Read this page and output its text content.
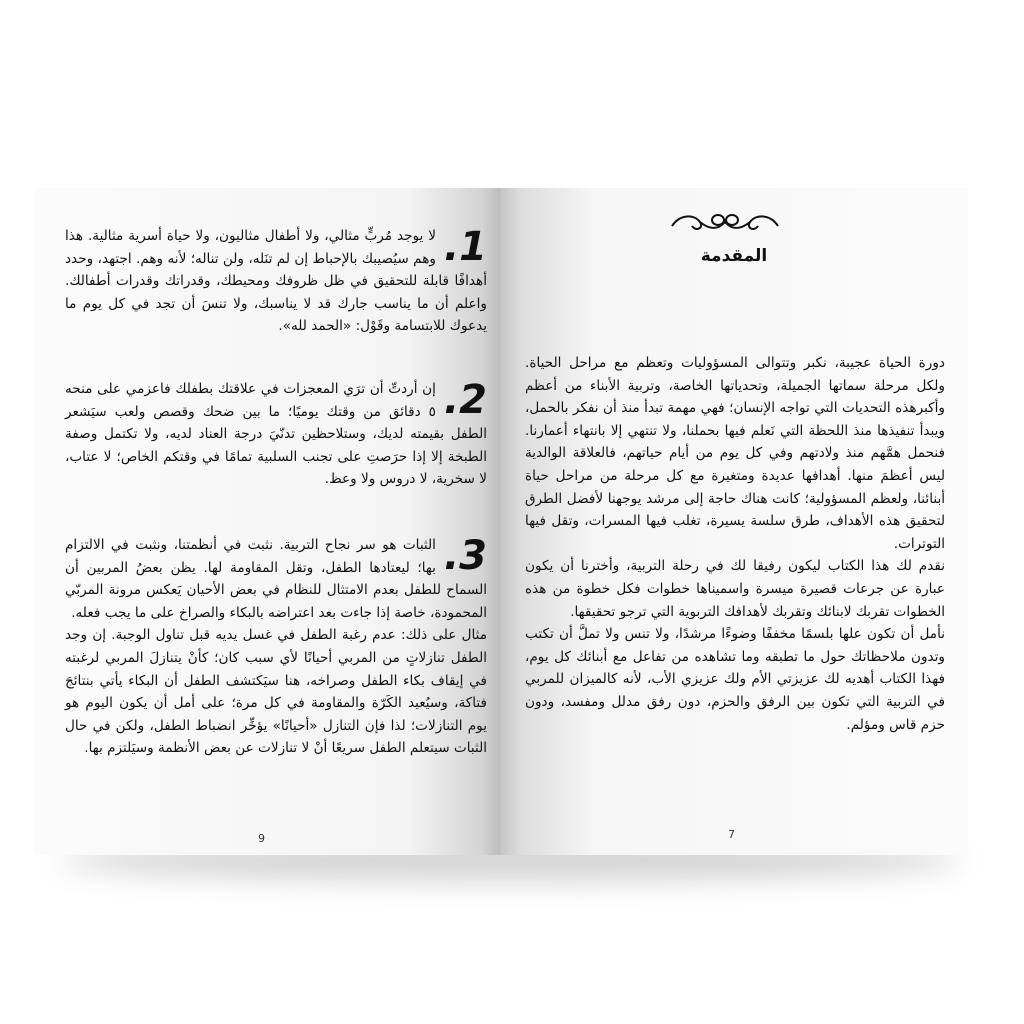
1.
لا يوجد مُربٍّ مثالي، ولا أطفال مثاليون، ولا حياة أسرية مثالية. هذا وهم سيُصيبك بالإحباط إن لم تنَله، ولن تناله؛ لأنه وهم. اجتهد، وحدد أهدافًا قابلة للتحقيق في ظل ظروفك ومحيطك، وقدراتك وقدرات أطفالك. واعلم أن ما يناسب جارك قد لا يناسبك، ولا تنسَ أن تجد في كل يوم ما يدعوك للابتسامة وقَوْل: «الحمد لله».
2.
إن أردتِّ أن ترَي المعجزات في علاقتك بطفلك فاعزمي على منحه ٥ دقائق من وقتك يوميًا؛ ما بين ضحك وقصص ولعب سيَشعر الطفل بقيمته لديك، وستلاحظين تدنّيَ درجة العناد لديه، ولا تكتمل وصفة الطبخة إلا إذا حرَصتِ على تجنب السلبية تمامًا في وقتكم الخاص؛ لا عتاب، لا سخرية، لا دروس ولا وعظ.
3.
الثبات هو سر نجاح التربية. نثبت في أنظمتنا، ونثبت في الالتزام بها؛ ليعتادها الطفل، وتقل المقاومة لها. يظن بعضُ المربين أن السماح للطفل بعدم الامتثال للنظام في بعض الأحيان يَعكس مرونة المربّي المحمودة، خاصة إذا جاءت بعد اعتراضه بالبكاء والصراخ على ما يجب فعله.
مثال على ذلك: عدم رغبة الطفل في غسل يديه قبل تناول الوجبة. إن وجد الطفل تنازلاتٍ من المربي أحيانًا لأي سبب كان؛ كأنْ يتنازلَ المربي لرغبته في إيقاف بكاء الطفل وصراخه، هنا سيَكتشف الطفل أن البكاء يأتي بنتائجَ فتاكة، وسيُعيد الكَرّة والمقاومة في كل مرة؛ على أمل أن يكون اليوم هو يوم التنازلات؛ لذا فإن التنازل «أحيانًا» يؤخِّر انضباط الطفل، ولكن في حال الثبات سيتعلم الطفل سريعًا أنْ لا تنازلات عن بعض الأنظمة وسيَلتزم بها.
9
المقدمة

دورة الحياة عجيبة، نكبر وتتوالى المسؤوليات وتعظم مع مراحل الحياة. ولكل مرحلة سماتها الجميلة، وتحدياتها الخاصة، وتربية الأبناء من أعظم وأكبرهذه التحديات التي تواجه الإنسان؛ فهي مهمة تبدأ منذ أن نفكر بالحمل، ويبدأ تنفيذها منذ اللحظة التي نَعلم فيها بحملنا، ولا تنتهي إلا بانتهاء أعمارنا. فنحمل همَّهم منذ ولادتهم وفي كل يوم من أيام حياتهم، فالعلاقة الوالدية ليس أعظمَ منها. أهدافها عديدة ومتغيرة مع كل مرحلة من مراحل حياة أبنائنا، ولعظم المسؤولية؛ كانت هناك حاجة إلى مرشد يوجهنا لأفضل الطرق لتحقيق هذه الأهداف، طرق سلسة يسيرة، تغلب فيها المسرات، وتقل فيها التوترات.

نقدم لك هذا الكتاب ليكون رفيقا لك في رحلة التربية، وأخترنا أن يكون عبارة عن جرعات قصيرة ميسرة واسميناها خطوات فكل خطوة من هذه الخطوات تقربك لابنائك وتقربك لأهدافك التربوية التي ترجو تحقيقها.

نأمل أن تكون علها بلسمًا مخففًا وضوءًا مرشدًا، ولا تنس ولا تملَّ أن تكتب وتدون ملاحظاتك حول ما تطبقه وما تشاهده من تفاعل مع أبنائك كل يوم، فهذا الكتاب أهديه لك عزيزتي الأم ولك عزيزي الأب، لأنه كالميزان للمربي في التربية التي تكون بين الرفق والحزم، دون رفق مدلل ومفسد، ودون حزم قاس ومؤلم.

7
